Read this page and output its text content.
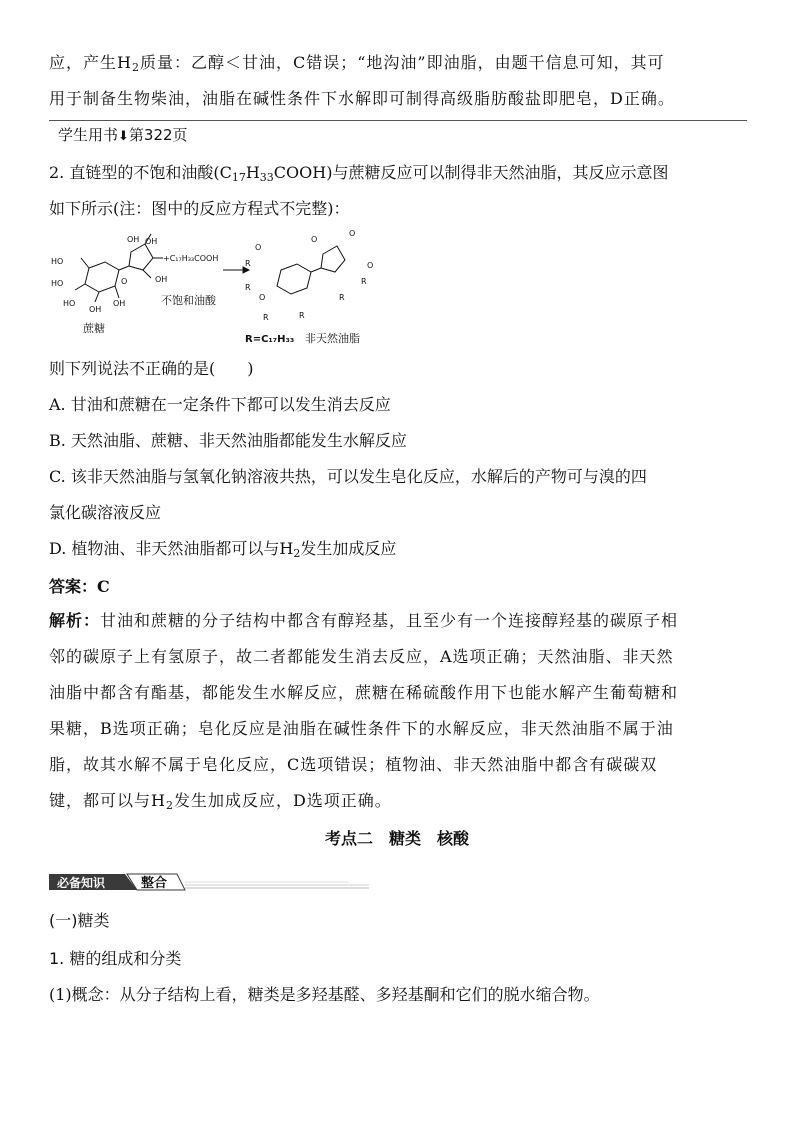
应，产生$H_2$质量：乙醇＜甘油，C错误；“地沟油”即油脂，由题干信息可知，其可
用于制备生物柴油，油脂在碱性条件下水解即可制得高级脂肪酸盐即肥皂，D正确。
学生用书⬇第322页
2. 直链型的不饱和油酸$(C_{17}H_{33}COOH)$与蔗糖反应可以制得非天然油脂，其反应示意图
如下所示(注：图中的反应方程式不完整)：
HO
HO
HO
OH
OH
O
OH OH
OH
+C₁₇H₃₃COOH
不饱和油酸
蔗糖
O
R
R
O
R	R
O
O
O
R
R
R=C₁₇H₃₃ 非天然油脂
则下列说法不正确的是(　　)
A. 甘油和蔗糖在一定条件下都可以发生消去反应
B. 天然油脂、蔗糖、非天然油脂都能发生水解反应
C. 该非天然油脂与氢氧化钠溶液共热，可以发生皂化反应，水解后的产物可与溴的四
氯化碳溶液反应
D. 植物油、非天然油脂都可以与$H_2$发生加成反应
答案：C
解析：甘油和蔗糖的分子结构中都含有醇羟基，且至少有一个连接醇羟基的碳原子相
邻的碳原子上有氢原子，故二者都能发生消去反应，A选项正确；天然油脂、非天然
油脂中都含有酯基，都能发生水解反应，蔗糖在稀硫酸作用下也能水解产生葡萄糖和
果糖，B选项正确；皂化反应是油脂在碱性条件下的水解反应，非天然油脂不属于油
脂，故其水解不属于皂化反应，C选项错误；植物油、非天然油脂中都含有碳碳双
键，都可以与$H_2$发生加成反应，D选项正确。
考点二　糖类　核酸
必备知识	整合
(一)糖类
1. 糖的组成和分类
(1)概念：从分子结构上看，糖类是多羟基醛、多羟基酮和它们的脱水缩合物。
